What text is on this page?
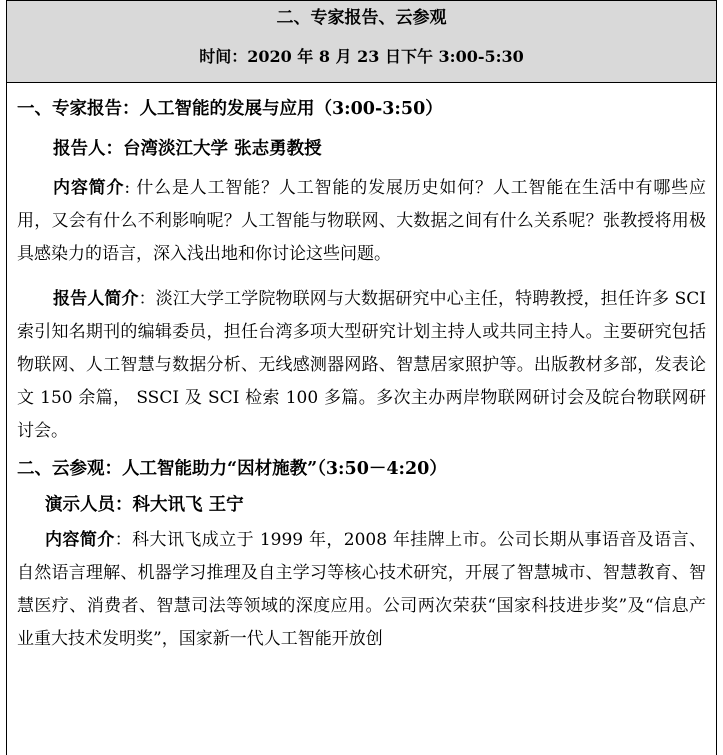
二、专家报告、云参观
时间：2020 年 8 月 23 日下午 3:00-5:30
一、专家报告：人工智能的发展与应用（3:00-3:50）
报告人：台湾淡江大学 张志勇教授
内容简介: 什么是人工智能？人工智能的发展历史如何？人工智能在生活中有哪些应用，又会有什么不利影响呢？人工智能与物联网、大数据之间有什么关系呢？张教授将用极具感染力的语言，深入浅出地和你讨论这些问题。
报告人简介：淡江大学工学院物联网与大数据研究中心主任，特聘教授，担任许多 SCI 索引知名期刊的编辑委员，担任台湾多项大型研究计划主持人或共同主持人。主要研究包括物联网、人工智慧与数据分析、无线感测器网路、智慧居家照护等。出版教材多部，发表论文 150 余篇， SSCI 及 SCI 检索 100 多篇。多次主办两岸物联网研讨会及皖台物联网研讨会。
二、云参观：人工智能助力“因材施教”（3:50－4:20）
演示人员：科大讯飞 王宁
内容简介：科大讯飞成立于 1999 年，2008 年挂牌上市。公司长期从事语音及语言、自然语言理解、机器学习推理及自主学习等核心技术研究，开展了智慧城市、智慧教育、智慧医疗、消费者、智慧司法等领域的深度应用。公司两次荣获“国家科技进步奖”及“信息产业重大技术发明奖”，国家新一代人工智能开放创
